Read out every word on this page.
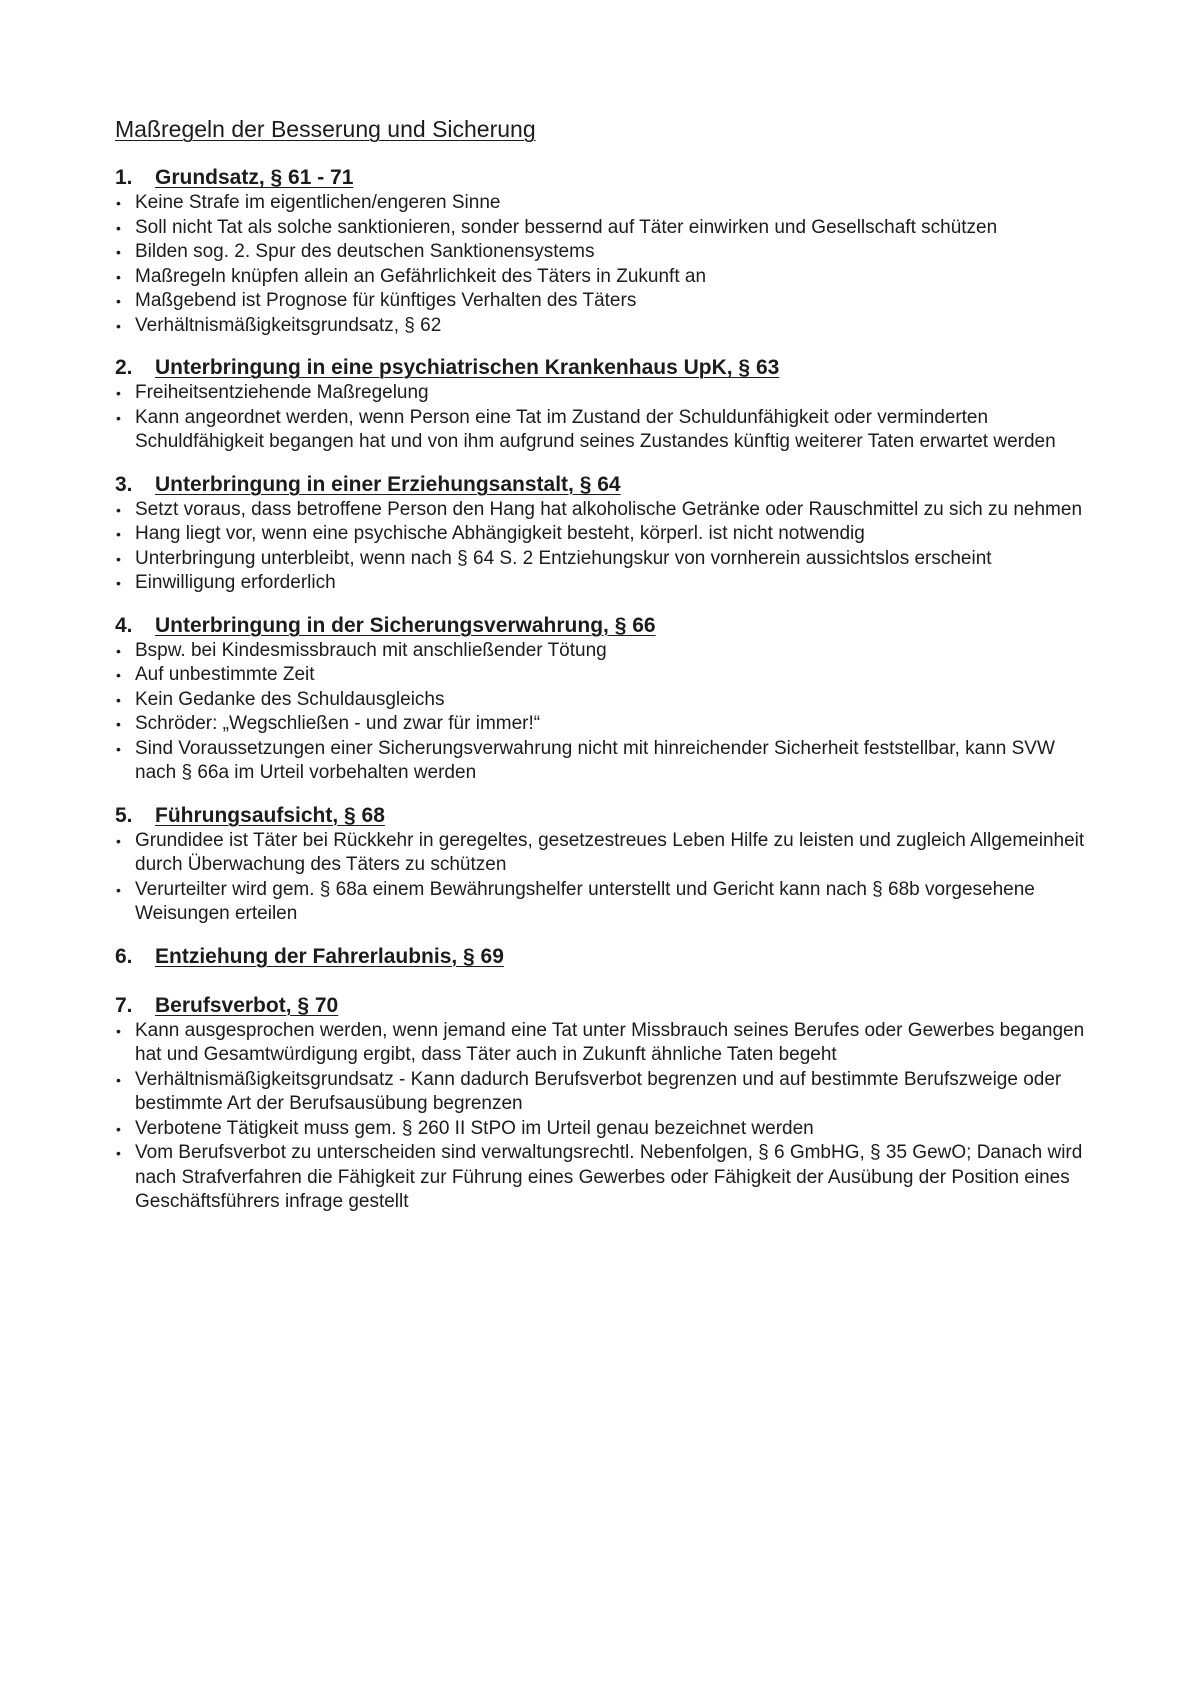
Maßregeln der Besserung und Sicherung
1.	Grundsatz, § 61 - 71
• Keine Strafe im eigentlichen/engeren Sinne
• Soll nicht Tat als solche sanktionieren, sonder bessernd auf Täter einwirken und Gesellschaft schützen
• Bilden sog. 2. Spur des deutschen Sanktionensystems
• Maßregeln knüpfen allein an Gefährlichkeit des Täters in Zukunft an
• Maßgebend ist Prognose für künftiges Verhalten des Täters
• Verhältnismäßigkeitsgrundsatz, § 62
2.	Unterbringung in eine psychiatrischen Krankenhaus UpK, § 63
• Freiheitsentziehende Maßregelung
• Kann angeordnet werden, wenn Person eine Tat im Zustand der Schuldunfähigkeit oder verminderten Schuldfähigkeit begangen hat und von ihm aufgrund seines Zustandes künftig weiterer Taten erwartet werden
3.	Unterbringung in einer Erziehungsanstalt, § 64
• Setzt voraus, dass betroffene Person den Hang hat alkoholische Getränke oder Rauschmittel zu sich zu nehmen
• Hang liegt vor, wenn eine psychische Abhängigkeit besteht, körperl. ist nicht notwendig
• Unterbringung unterbleibt, wenn nach § 64 S. 2 Entziehungskur von vornherein aussichtslos erscheint
• Einwilligung erforderlich
4.	Unterbringung in der Sicherungsverwahrung, § 66
• Bspw. bei Kindesmissbrauch mit anschließender Tötung
• Auf unbestimmte Zeit
• Kein Gedanke des Schuldausgleichs
• Schröder: „Wegschließen - und zwar für immer!“
• Sind Voraussetzungen einer Sicherungsverwahrung nicht mit hinreichender Sicherheit feststellbar, kann SVW nach § 66a im Urteil vorbehalten werden
5.	Führungsaufsicht, § 68
• Grundidee ist Täter bei Rückkehr in geregeltes, gesetzestreues Leben Hilfe zu leisten und zugleich Allgemeinheit durch Überwachung des Täters zu schützen
• Verurteilter wird gem. § 68a einem Bewährungshelfer unterstellt und Gericht kann nach § 68b vorgesehene Weisungen erteilen
6.	Entziehung der Fahrerlaubnis, § 69
7.	Berufsverbot, § 70
• Kann ausgesprochen werden, wenn jemand eine Tat unter Missbrauch seines Berufes oder Gewerbes begangen hat und Gesamtwürdigung ergibt, dass Täter auch in Zukunft ähnliche Taten begeht
• Verhältnismäßigkeitsgrundsatz - Kann dadurch Berufsverbot begrenzen und auf bestimmte Berufszweige oder bestimmte Art der Berufsausübung begrenzen
• Verbotene Tätigkeit muss gem. § 260 II StPO im Urteil genau bezeichnet werden
• Vom Berufsverbot zu unterscheiden sind verwaltungsrechtl. Nebenfolgen, § 6 GmbHG, § 35 GewO; Danach wird nach Strafverfahren die Fähigkeit zur Führung eines Gewerbes oder Fähigkeit der Ausübung der Position eines Geschäftsführers infrage gestellt
